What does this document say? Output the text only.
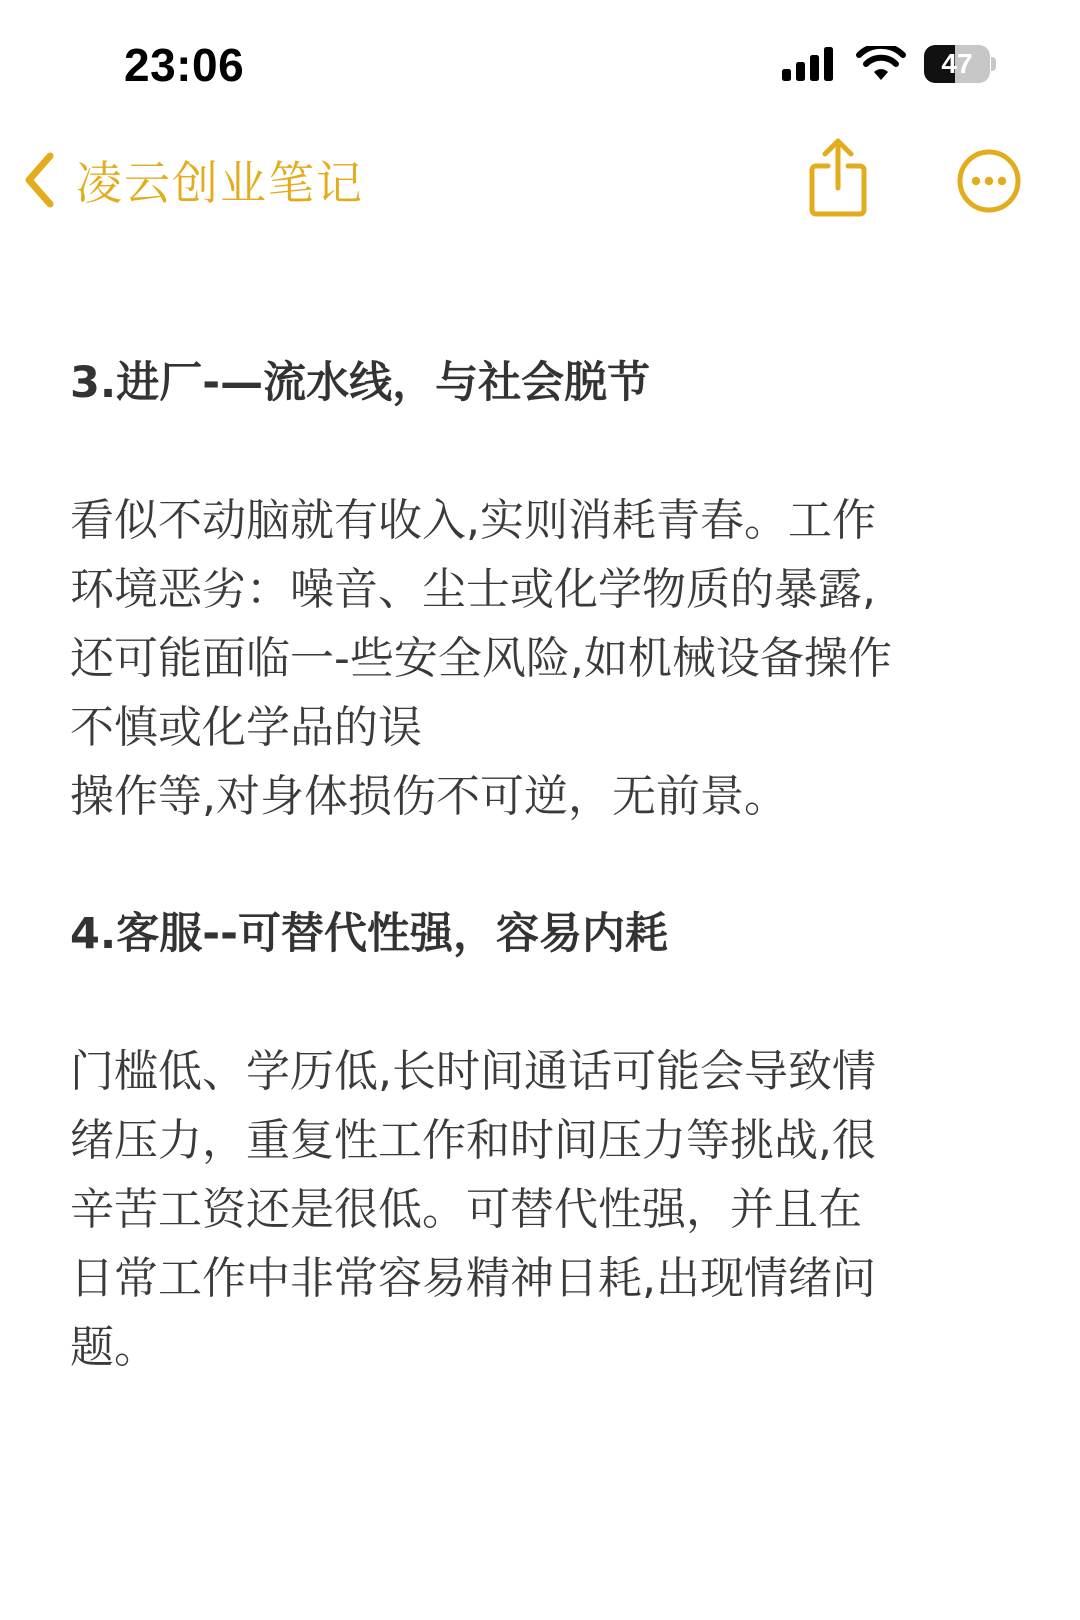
23:06	47
凌云创业笔记
3.进厂-—流水线，与社会脱节

看似不动脑就有收入,实则消耗青春。工作
环境恶劣：噪音、尘士或化学物质的暴露,
还可能面临一-些安全风险,如机械设备操作
不慎或化学品的误
操作等,对身体损伤不可逆，无前景。

4.客服--可替代性强，容易内耗

门槛低、学历低,长时间通话可能会导致情
绪压力，重复性工作和时间压力等挑战,很
辛苦工资还是很低。可替代性强，并且在
日常工作中非常容易精神日耗,出现情绪问
题。
